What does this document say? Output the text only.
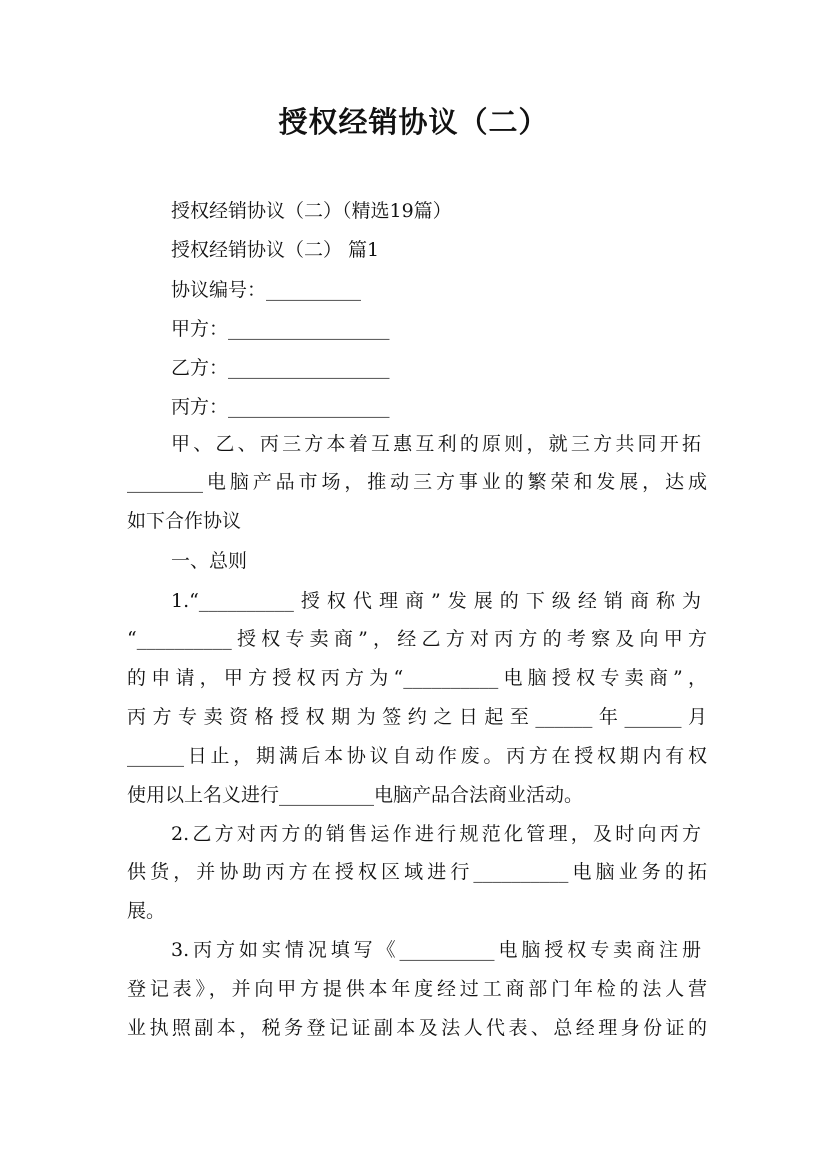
授权经销协议（二）
授权经销协议（二）（精选19篇）
授权经销协议（二） 篇1
协议编号：__________
甲方：_________________
乙方：_________________
丙方：_________________
甲、乙、丙三方本着互惠互利的原则，就三方共同开拓
________电脑产品市场，推动三方事业的繁荣和发展，达成
如下合作协议
一、总则
1.“__________授权代理商”发展的下级经销商称为
“__________授权专卖商”，经乙方对丙方的考察及向甲方
的申请，甲方授权丙方为“__________电脑授权专卖商”，
丙方专卖资格授权期为签约之日起至______年______月
______日止，期满后本协议自动作废。丙方在授权期内有权
使用以上名义进行__________电脑产品合法商业活动。
2.乙方对丙方的销售运作进行规范化管理，及时向丙方
供货，并协助丙方在授权区域进行__________电脑业务的拓
展。
3.丙方如实情况填写《__________电脑授权专卖商注册
登记表》，并向甲方提供本年度经过工商部门年检的法人营
业执照副本，税务登记证副本及法人代表、总经理身份证的
